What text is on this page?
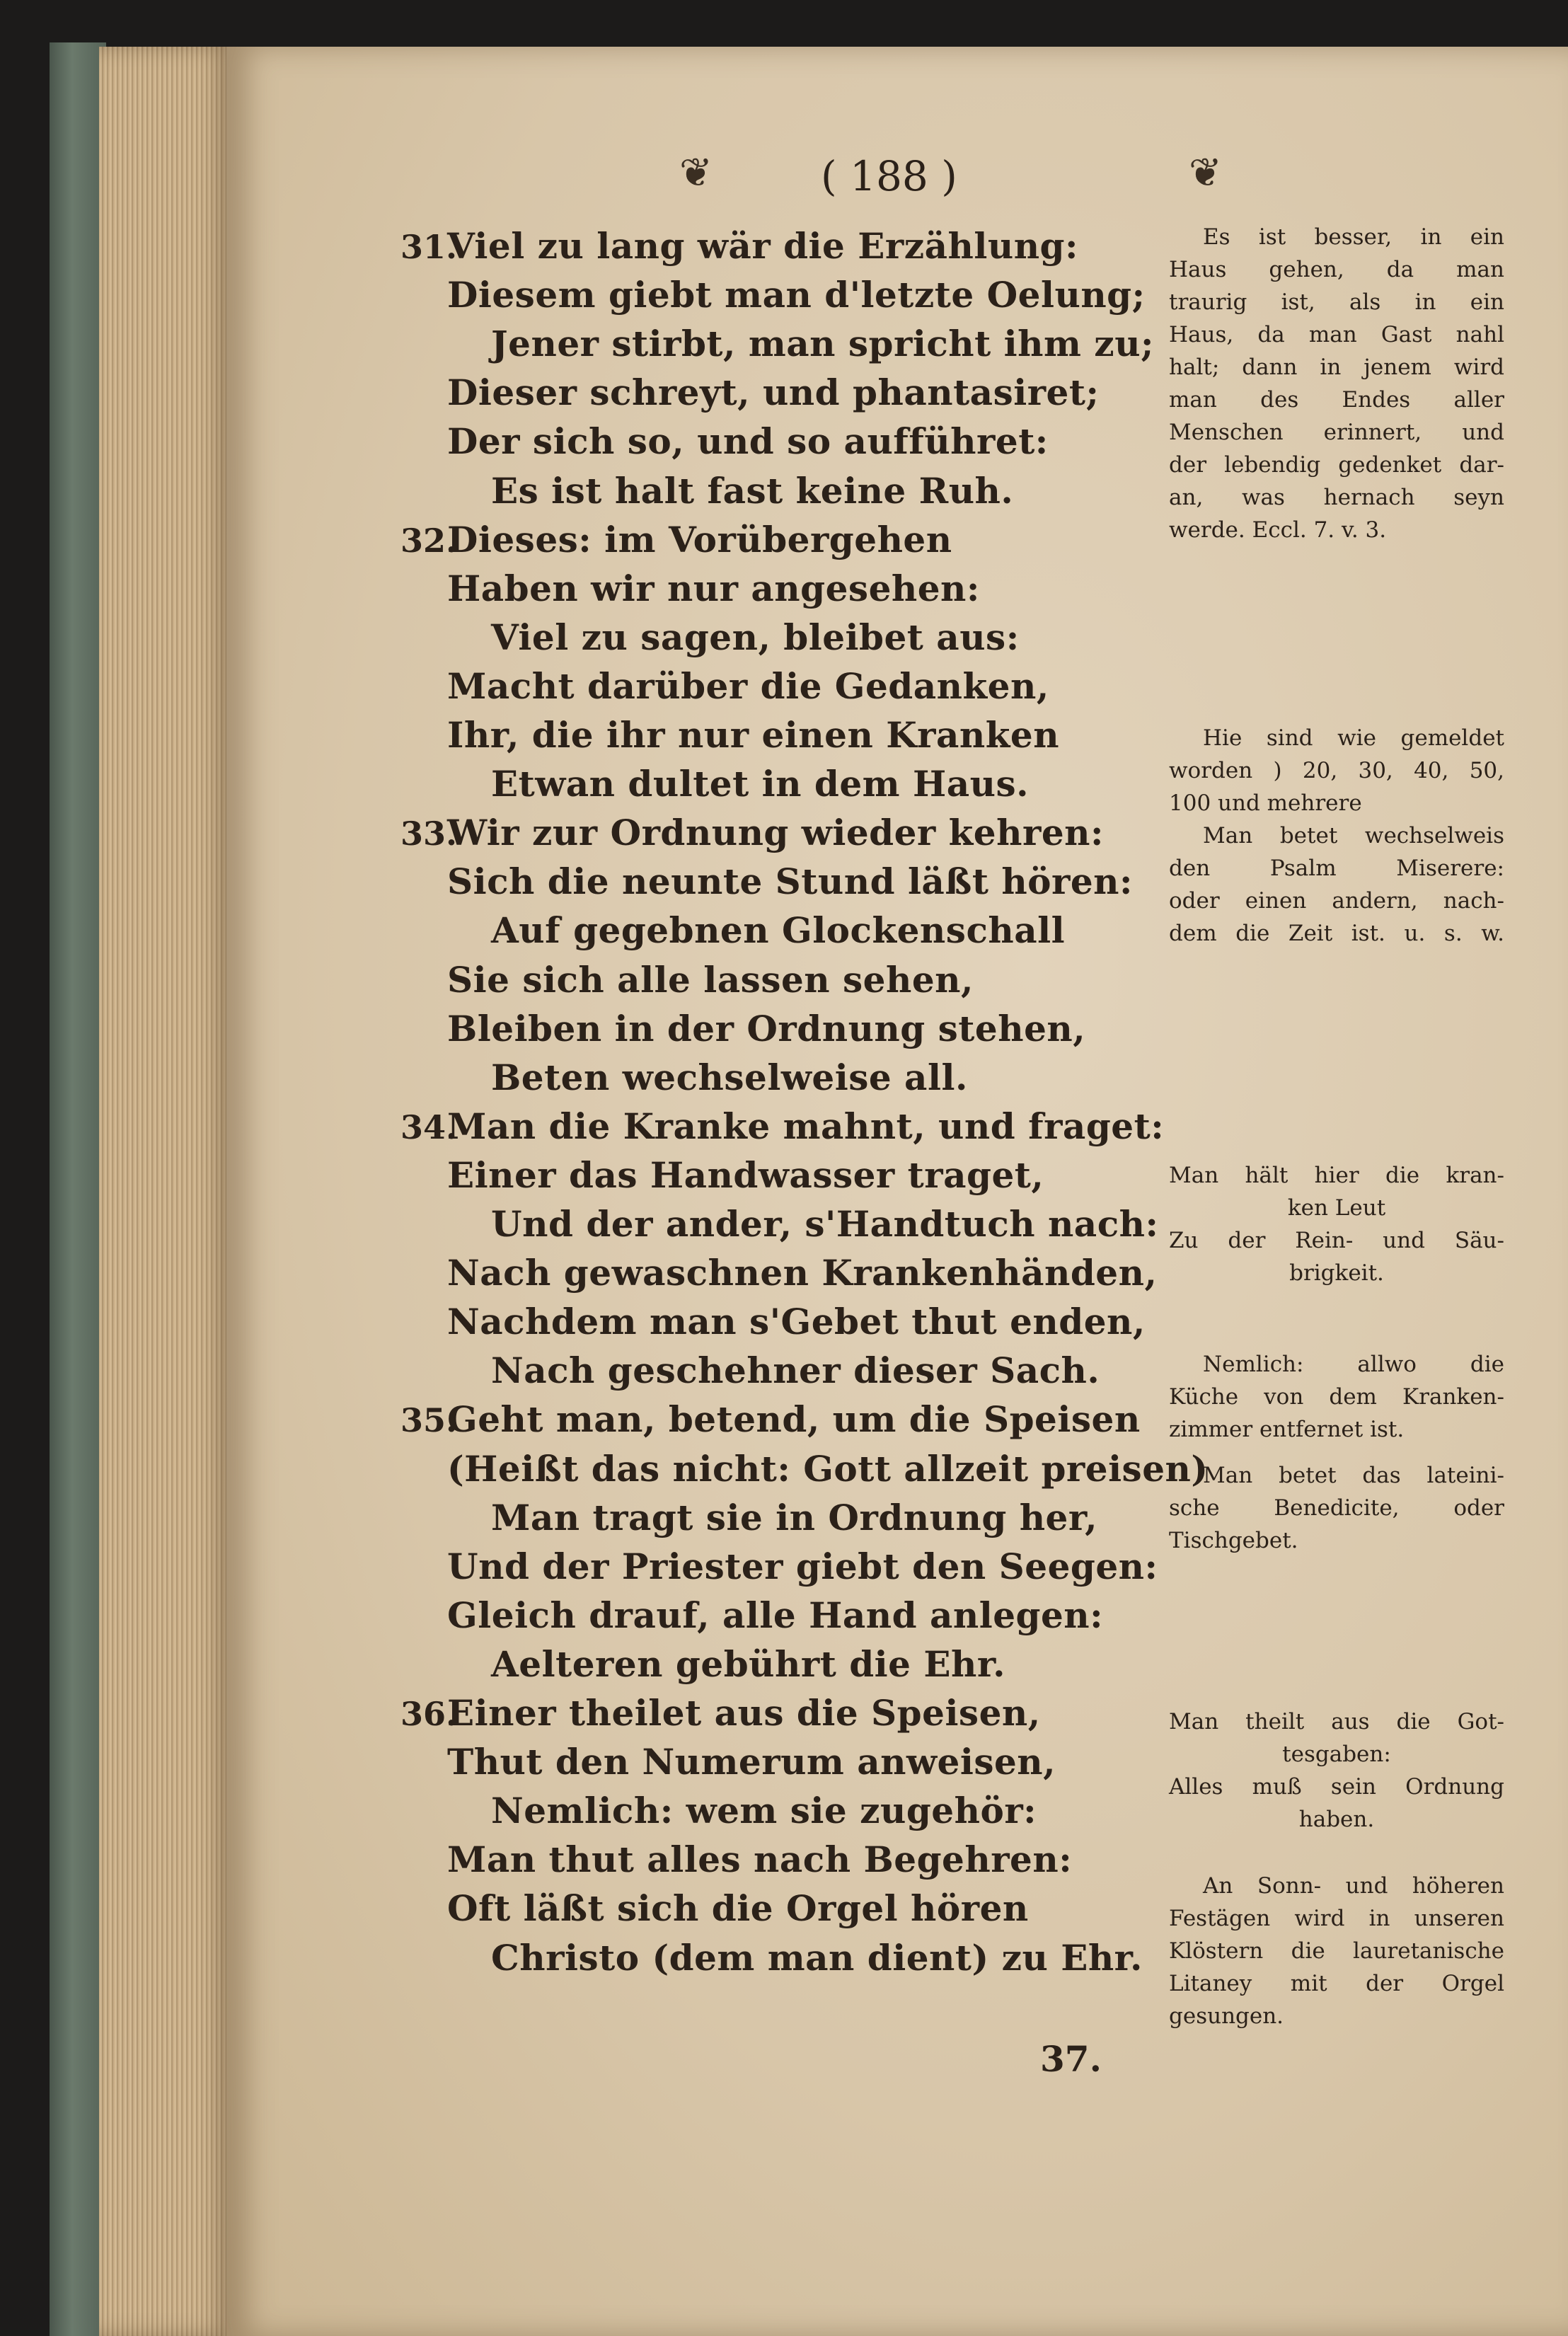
❦	( 188 )	❦
31.
Viel zu lang wär die Erzählung:
Diesem giebt man d'letzte Oelung;
Jener stirbt, man spricht ihm zu;
Dieser schreyt, und phantasiret;
Der sich so, und so aufführet:
Es ist halt fast keine Ruh.
32.
Dieses: im Vorübergehen
Haben wir nur angesehen:
Viel zu sagen, bleibet aus:
Macht darüber die Gedanken,
Ihr, die ihr nur einen Kranken
Etwan dultet in dem Haus.
33.
Wir zur Ordnung wieder kehren:
Sich die neunte Stund läßt hören:
Auf gegebnen Glockenschall
Sie sich alle lassen sehen,
Bleiben in der Ordnung stehen,
Beten wechselweise all.
34.
Man die Kranke mahnt, und fraget:
Einer das Handwasser traget,
Und der ander, s'Handtuch nach:
Nach gewaschnen Krankenhänden,
Nachdem man s'Gebet thut enden,
Nach geschehner dieser Sach.
35.
Geht man, betend, um die Speisen
(Heißt das nicht: Gott allzeit preisen)
Man tragt sie in Ordnung her,
Und der Priester giebt den Seegen:
Gleich drauf, alle Hand anlegen:
Aelteren gebührt die Ehr.
36.
Einer theilet aus die Speisen,
Thut den Numerum anweisen,
Nemlich: wem sie zugehör:
Man thut alles nach Begehren:
Oft läßt sich die Orgel hören
Christo (dem man dient) zu Ehr.
Es ist besser, in ein
Haus gehen, da man
traurig ist, als in ein
Haus, da man Gast nahl
halt; dann in jenem wird
man des Endes aller
Menschen erinnert, und
der lebendig gedenket dar-
an, was hernach seyn
werde. Eccl. 7. v. 3.
Hie sind wie gemeldet
worden ) 20, 30, 40, 50,
100 und mehrere
Man betet wechselweis
den Psalm Miserere:
oder einen andern, nach-
dem die Zeit ist. u. s. w.
Man hält hier die kran-
ken Leut
Zu der Rein- und Säu-
brigkeit.
Nemlich: allwo die
Küche von dem Kranken-
zimmer entfernet ist.
Man betet das lateini-
sche Benedicite, oder
Tischgebet.
Man theilt aus die Got-
tesgaben:
Alles muß sein Ordnung
haben.
An Sonn- und höheren
Festägen wird in unseren
Klöstern die lauretanische
Litaney mit der Orgel
gesungen.
37.
